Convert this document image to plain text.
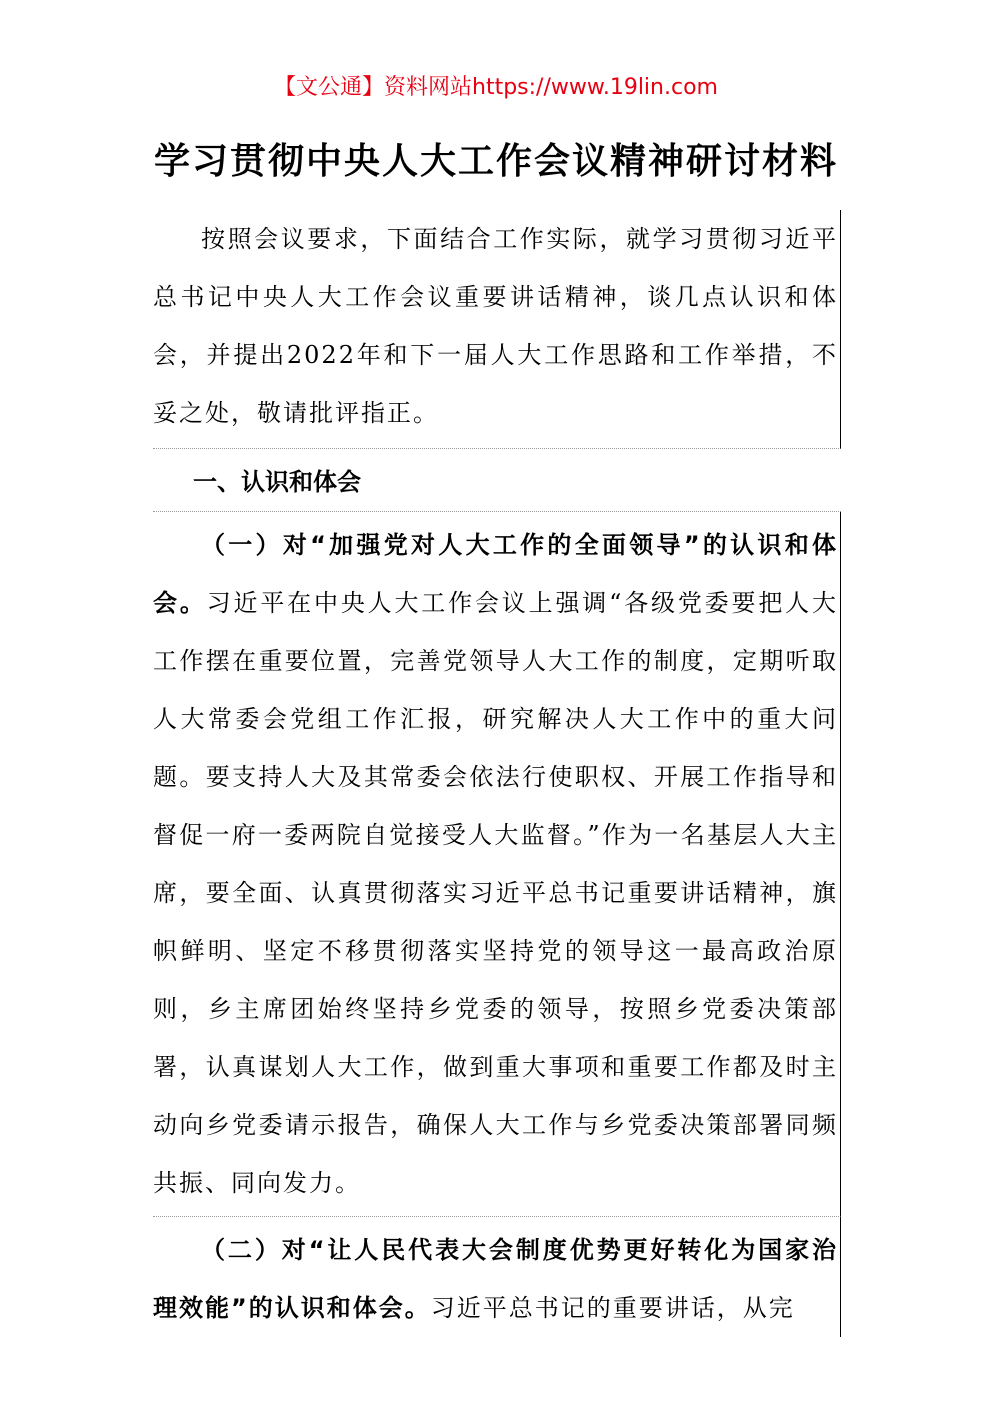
【文公通】资料网站https://www.19lin.com
学习贯彻中央人大工作会议精神研讨材料

按照会议要求，下面结合工作实际，就学习贯彻习近平总书记中央人大工作会议重要讲话精神，谈几点认识和体会，并提出2022年和下一届人大工作思路和工作举措，不妥之处，敬请批评指正。

一、认识和体会

（一）对“加强党对人大工作的全面领导”的认识和体会。习近平在中央人大工作会议上强调“各级党委要把人大工作摆在重要位置，完善党领导人大工作的制度，定期听取人大常委会党组工作汇报，研究解决人大工作中的重大问题。要支持人大及其常委会依法行使职权、开展工作指导和督促一府一委两院自觉接受人大监督。”作为一名基层人大主席，要全面、认真贯彻落实习近平总书记重要讲话精神，旗帜鲜明、坚定不移贯彻落实坚持党的领导这一最高政治原则，乡主席团始终坚持乡党委的领导，按照乡党委决策部署，认真谋划人大工作，做到重大事项和重要工作都及时主动向乡党委请示报告，确保人大工作与乡党委决策部署同频共振、同向发力。

（二）对“让人民代表大会制度优势更好转化为国家治理效能”的认识和体会。习近平总书记的重要讲话，从完
